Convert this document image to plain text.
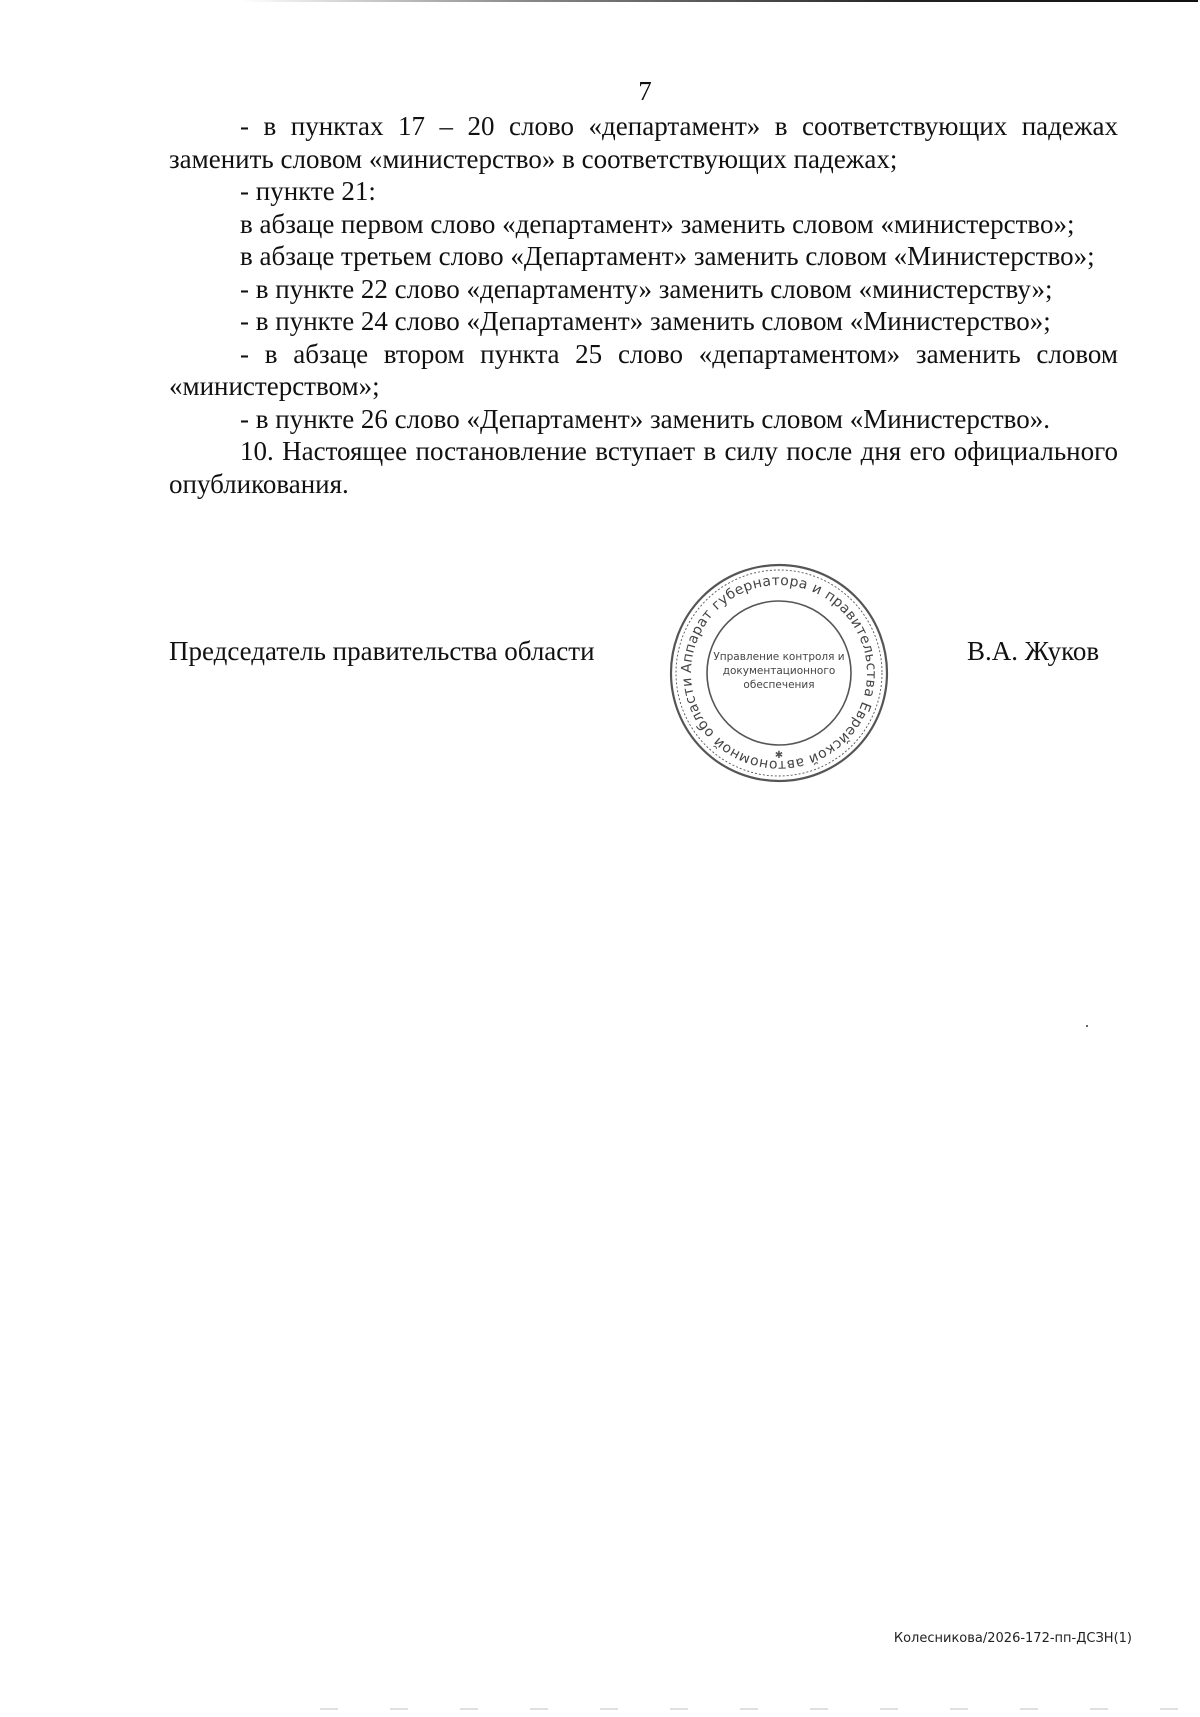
7

- в пунктах 17 – 20 слово «департамент» в соответствующих падежах заменить словом «министерство» в соответствующих падежах;

- пункте 21:

в абзаце первом слово «департамент» заменить словом «министерство»;

в абзаце третьем слово «Департамент» заменить словом «Министерство»;

- в пункте 22 слово «департаменту» заменить словом «министерству»;

- в пункте 24 слово «Департамент» заменить словом «Министерство»;

- в абзаце втором пункта 25 слово «департаментом» заменить словом «министерством»;

- в пункте 26 слово «Департамент» заменить словом «Министерство».

10. Настоящее постановление вступает в силу после дня его официального опубликования.

Председатель правительства области	В.А. Жуков
Аппарат губернатора и правительства Еврейской автономной области
Управление контроля и
документационного
обеспечения
✱
Колесникова/2026-172-пп-ДСЗН(1)
